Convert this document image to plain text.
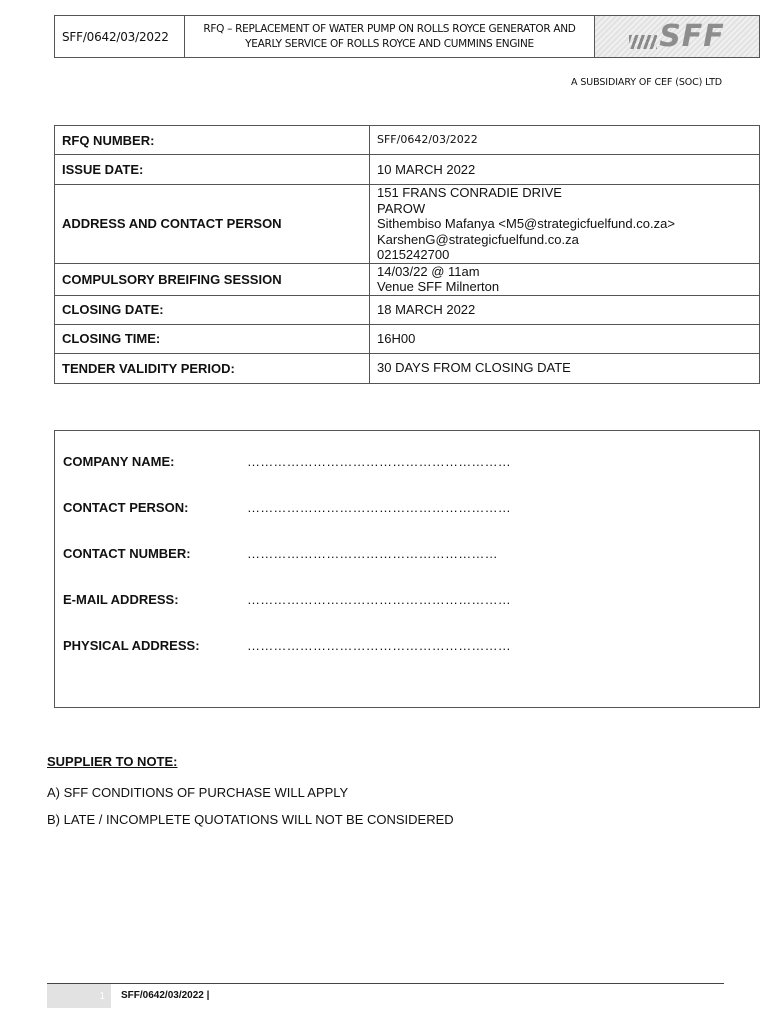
SFF/0642/03/2022
RFQ – REPLACEMENT OF WATER PUMP ON ROLLS ROYCE GENERATOR AND
YEARLY SERVICE OF ROLLS ROYCE AND CUMMINS ENGINE	SFF
A SUBSIDIARY OF CEF (SOC) LTD
RFQ NUMBER:	SFF/0642/03/2022
ISSUE DATE:	10 MARCH 2022
ADDRESS AND CONTACT PERSON	151 FRANS CONRADIE DRIVE
PAROW
Sithembiso Mafanya <M5@strategicfuelfund.co.za>
KarshenG@strategicfuelfund.co.za
0215242700

COMPULSORY BREIFING SESSION	14/03/22 @ 11am
Venue SFF Milnerton

CLOSING DATE:	18 MARCH 2022
CLOSING TIME:	16H00
TENDER VALIDITY PERIOD:	30 DAYS FROM CLOSING DATE
COMPANY NAME:	……………………………………………………
CONTACT PERSON:	……………………………………………………
CONTACT NUMBER:	…………………………………………………
E-MAIL ADDRESS:	……………………………………………………
PHYSICAL ADDRESS:	……………………………………………………
SUPPLIER TO NOTE:
A) SFF CONDITIONS OF PURCHASE WILL APPLY
B) LATE / INCOMPLETE QUOTATIONS WILL NOT BE CONSIDERED
1	SFF/0642/03/2022 |
